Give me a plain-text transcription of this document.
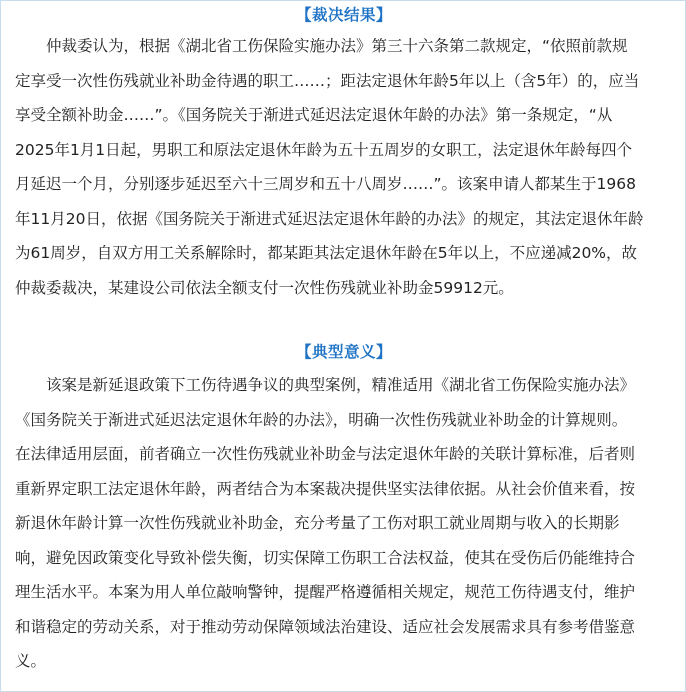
【裁决结果】
　　仲裁委认为，根据《湖北省工伤保险实施办法》第三十六条第二款规定，“依照前款规
定享受一次性伤残就业补助金待遇的职工……；距法定退休年龄5年以上（含5年）的，应当
享受全额补助金……”。《国务院关于渐进式延迟法定退休年龄的办法》第一条规定，“从
2025年1月1日起，男职工和原法定退休年龄为五十五周岁的女职工，法定退休年龄每四个
月延迟一个月，分别逐步延迟至六十三周岁和五十八周岁……”。该案申请人都某生于1968
年11月20日，依据《国务院关于渐进式延迟法定退休年龄的办法》的规定，其法定退休年龄
为61周岁，自双方用工关系解除时，都某距其法定退休年龄在5年以上，不应递减20%，故
仲裁委裁决，某建设公司依法全额支付一次性伤残就业补助金59912元。
【典型意义】
　　该案是新延退政策下工伤待遇争议的典型案例，精准适用《湖北省工伤保险实施办法》
《国务院关于渐进式延迟法定退休年龄的办法》，明确一次性伤残就业补助金的计算规则。
在法律适用层面，前者确立一次性伤残就业补助金与法定退休年龄的关联计算标准，后者则
重新界定职工法定退休年龄，两者结合为本案裁决提供坚实法律依据。从社会价值来看，按
新退休年龄计算一次性伤残就业补助金，充分考量了工伤对职工就业周期与收入的长期影
响，避免因政策变化导致补偿失衡，切实保障工伤职工合法权益，使其在受伤后仍能维持合
理生活水平。本案为用人单位敲响警钟，提醒严格遵循相关规定，规范工伤待遇支付，维护
和谐稳定的劳动关系，对于推动劳动保障领域法治建设、适应社会发展需求具有参考借鉴意
义。
